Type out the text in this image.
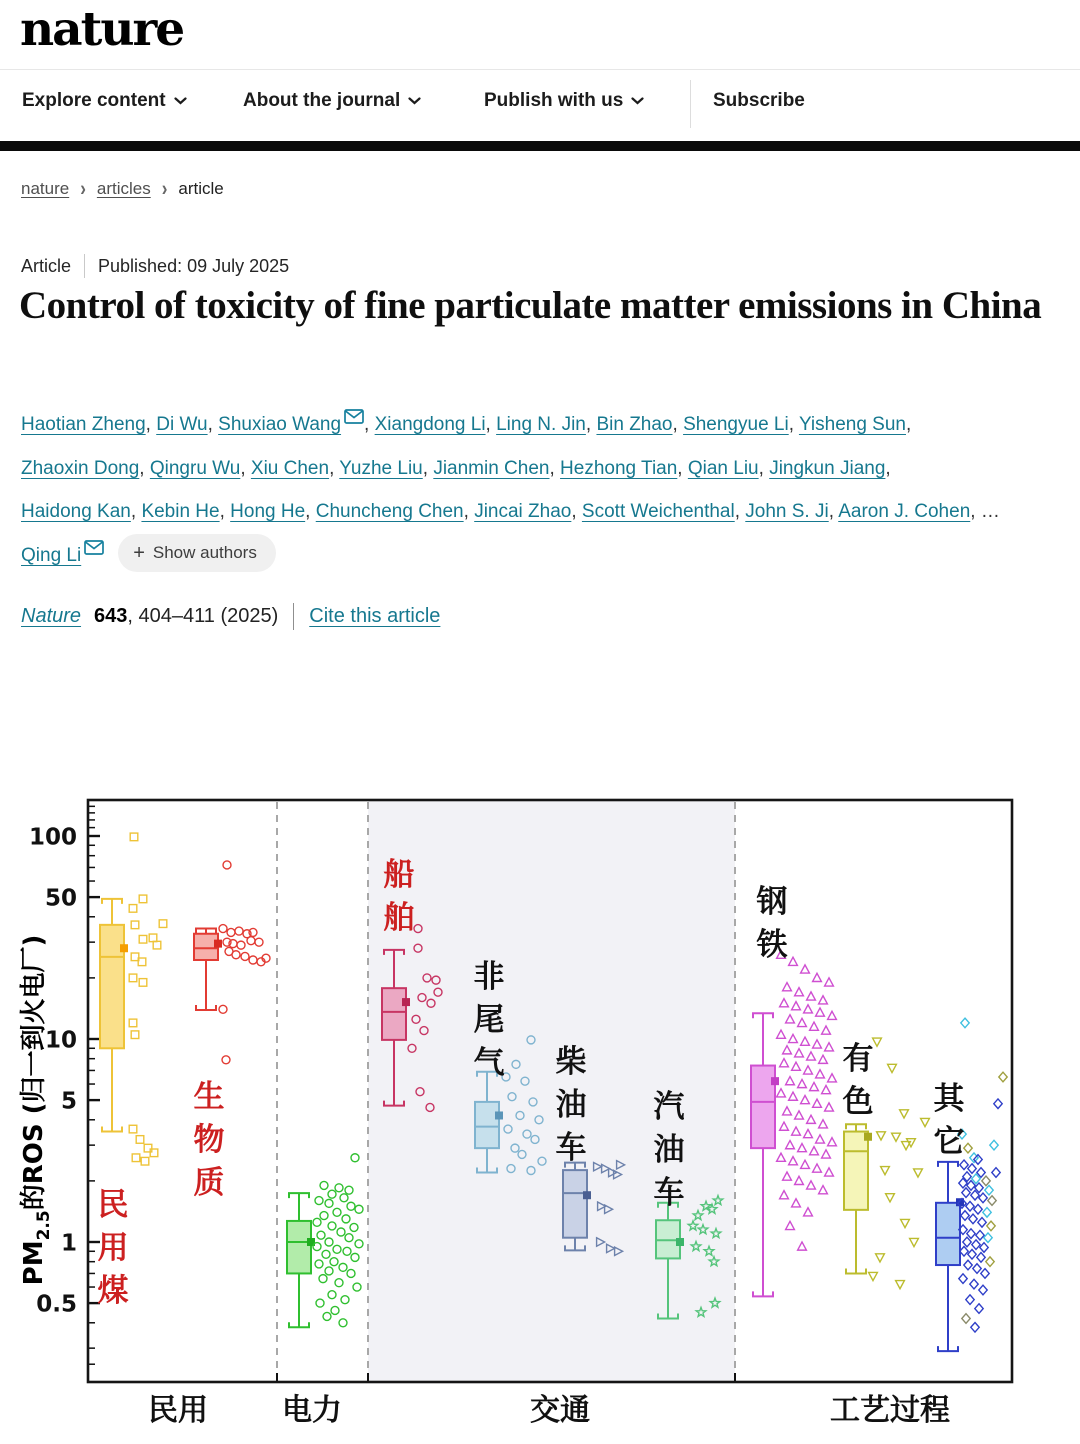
nature
Explore content	About the journal	Publish with us	Subscribe
nature › articles › article
Article Published: 09 July 2025
Control of toxicity of fine particulate matter emissions in China
Haotian Zheng, Di Wu, Shuxiao Wang , Xiangdong Li, Ling N. Jin, Bin Zhao, Shengyue Li, Yisheng Sun, Zhaoxin Dong, Qingru Wu, Xiu Chen, Yuzhe Liu, Jianmin Chen, Hezhong Tian, Qian Liu, Jingkun Jiang, Haidong Kan, Kebin He, Hong He, Chuncheng Chen, Jincai Zhao, Scott Weichenthal, John S. Ji, Aaron J. Cohen, … Qing Li	+ Show authors
Nature 643 , 404–411 (2025) Cite this article
100
50
10
5
1
0.5
$PM_{2.5}$的ROS (归一到火电厂) 民
用
煤
生
物
质
船
舶
非
尾
气 柴
油
车
汽
油
车
钢
铁
有
色 其
它
民用 电力	交通	工艺过程
